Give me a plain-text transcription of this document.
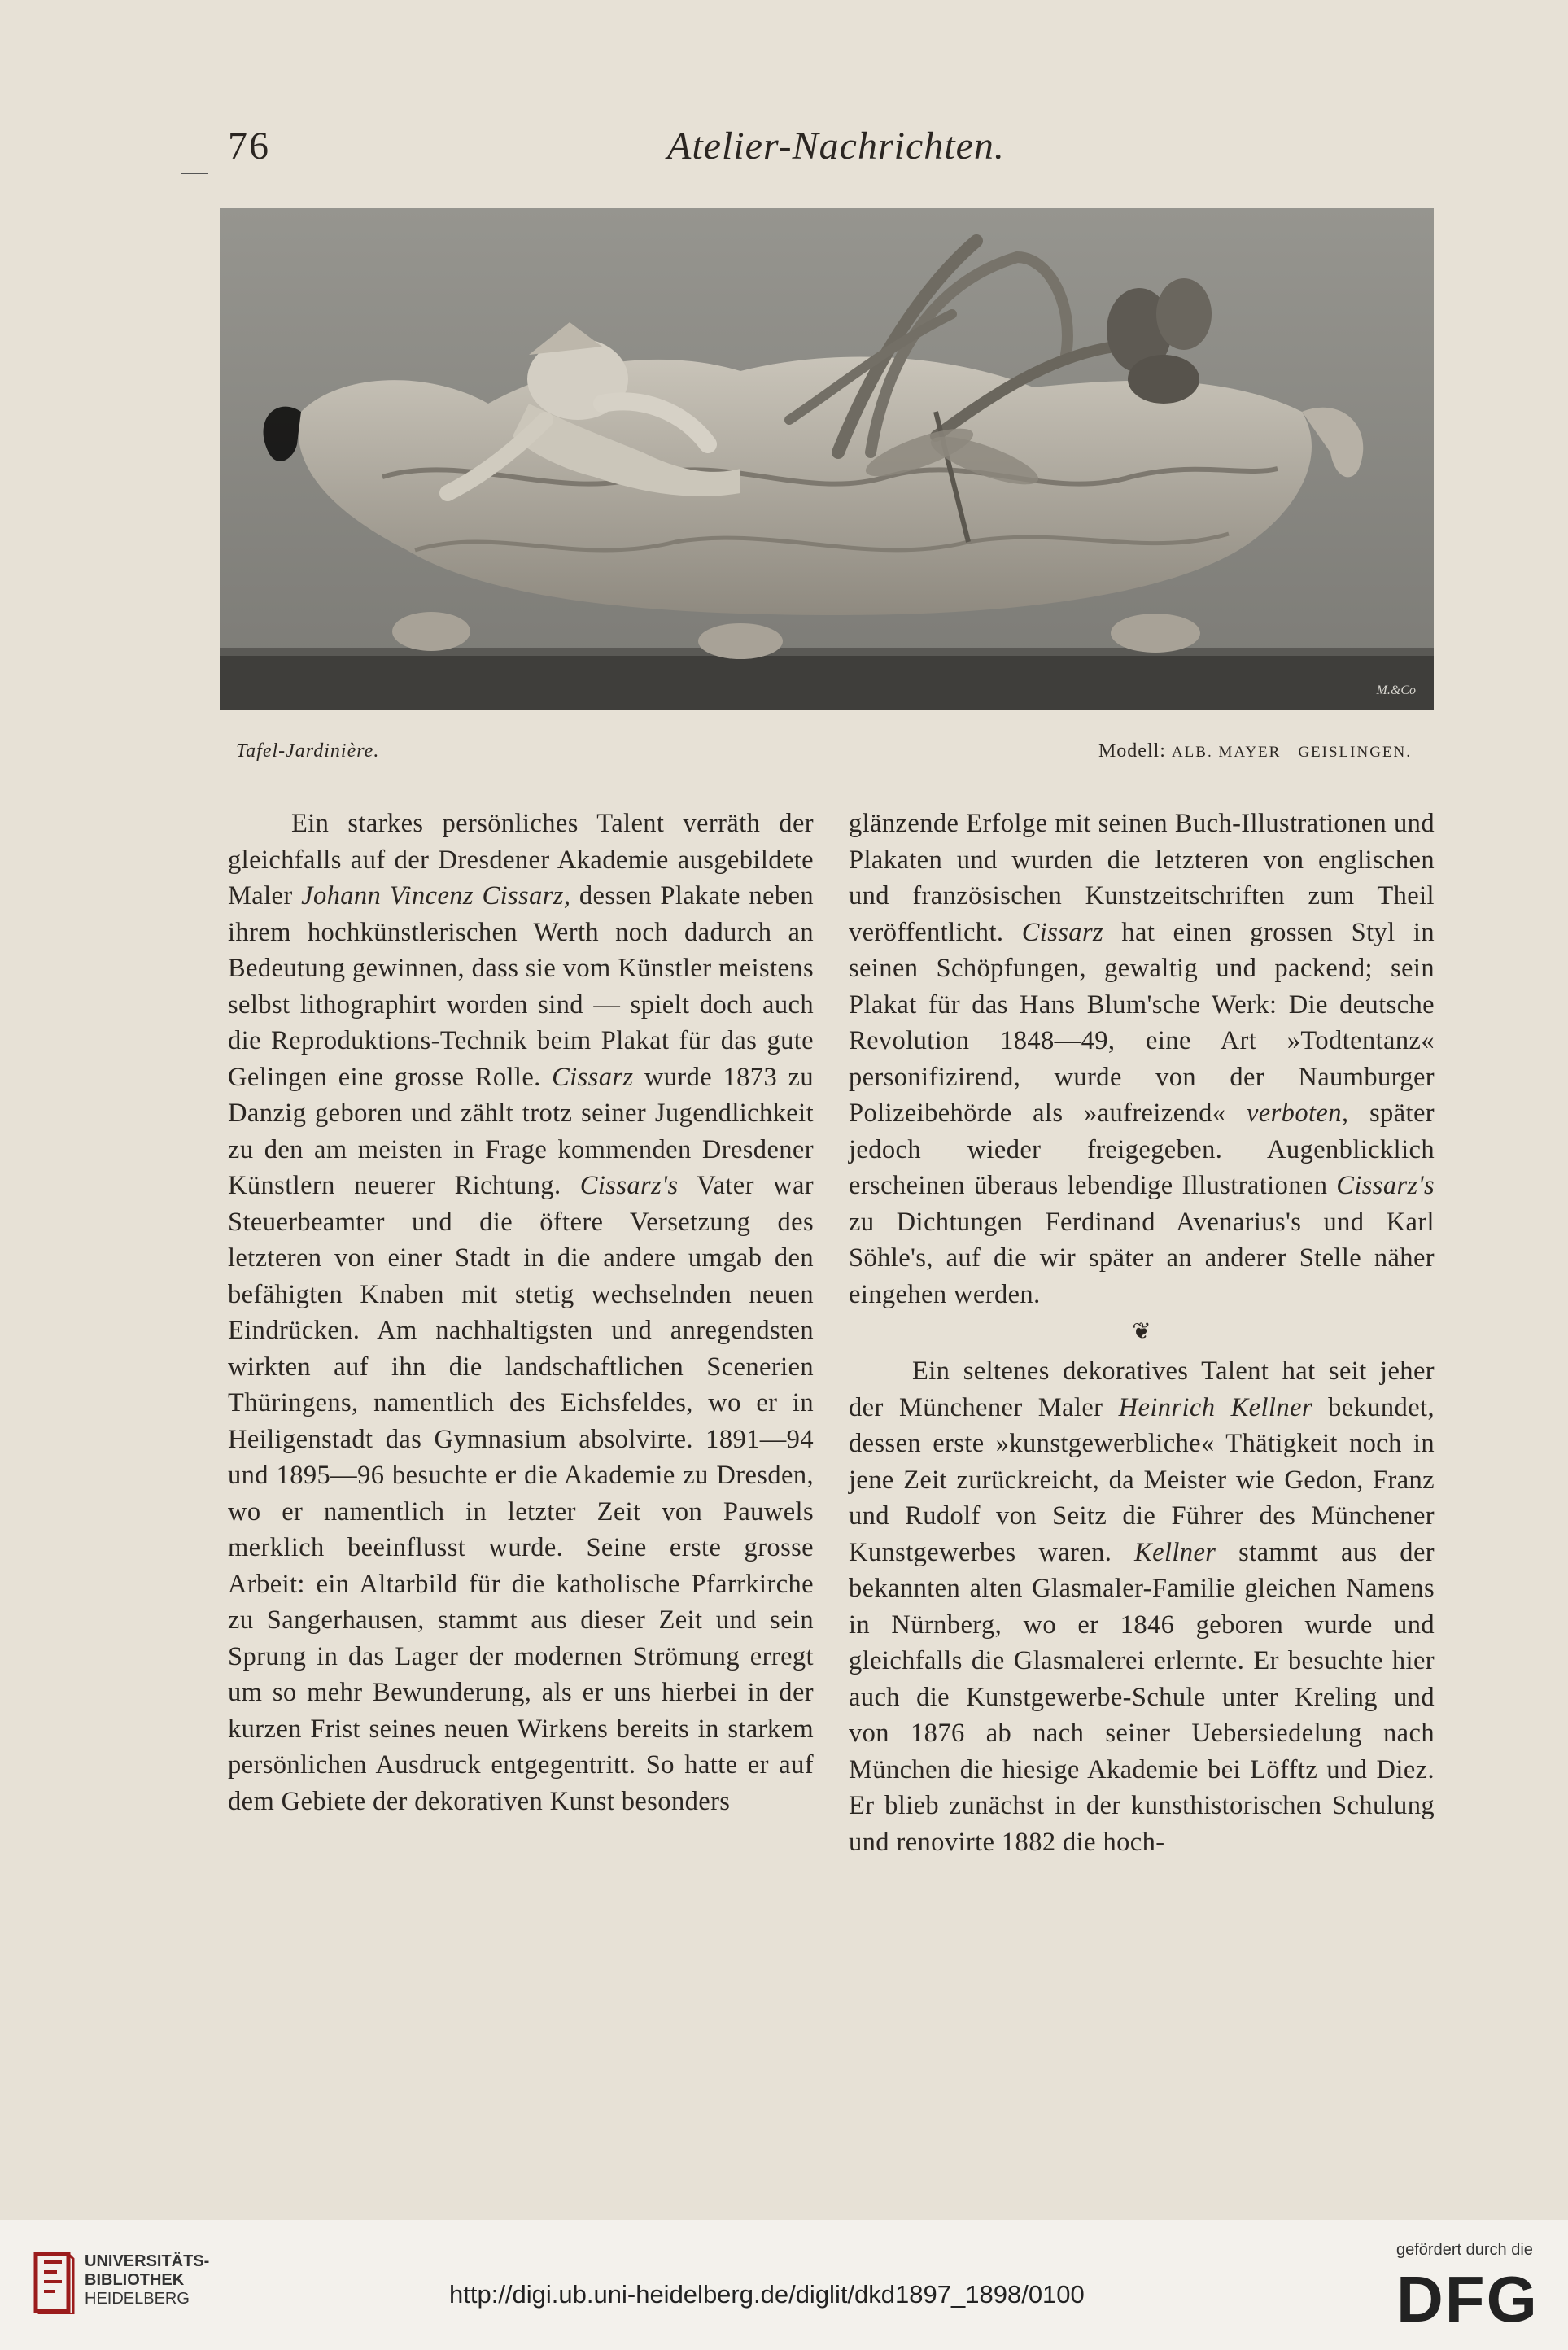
76	Atelier-Nachrichten.
M.&Co
Tafel-Jardinière.	Modell: ALB. MAYER—GEISLINGEN.

Ein starkes persönliches Talent verräth der gleichfalls auf der Dresdener Akademie ausgebildete Maler Johann Vincenz Cissarz, dessen Plakate neben ihrem hochkünstlerischen Werth noch dadurch an Bedeutung gewinnen, dass sie vom Künstler meistens selbst lithographirt worden sind — spielt doch auch die Reproduktions-Technik beim Plakat für das gute Gelingen eine grosse Rolle. Cissarz wurde 1873 zu Danzig geboren und zählt trotz seiner Jugendlichkeit zu den am meisten in Frage kommenden Dresdener Künstlern neuerer Richtung. Cissarz's Vater war Steuerbeamter und die öftere Versetzung des letzteren von einer Stadt in die andere umgab den befähigten Knaben mit stetig wechselnden neuen Eindrücken. Am nachhaltigsten und anregendsten wirkten auf ihn die landschaftlichen Scenerien Thüringens, namentlich des Eichsfeldes, wo er in Heiligenstadt das Gymnasium absolvirte. 1891—94 und 1895—96 besuchte er die Akademie zu Dresden, wo er namentlich in letzter Zeit von Pauwels merklich beeinflusst wurde. Seine erste grosse Arbeit: ein Altarbild für die katholische Pfarrkirche zu Sangerhausen, stammt aus dieser Zeit und sein Sprung in das Lager der modernen Strömung erregt um so mehr Bewunderung, als er uns hierbei in der kurzen Frist seines neuen Wirkens bereits in starkem persönlichen Ausdruck entgegentritt. So hatte er auf dem Gebiete der dekorativen Kunst besonders

glänzende Erfolge mit seinen Buch-Illustrationen und Plakaten und wurden die letzteren von englischen und französischen Kunstzeitschriften zum Theil veröffentlicht. Cissarz hat einen grossen Styl in seinen Schöpfungen, gewaltig und packend; sein Plakat für das Hans Blum'sche Werk: Die deutsche Revolution 1848—49, eine Art »Todtentanz« personifizirend, wurde von der Naumburger Polizeibehörde als »aufreizend« verboten, später jedoch wieder freigegeben. Augenblicklich erscheinen überaus lebendige Illustrationen Cissarz's zu Dichtungen Ferdinand Avenarius's und Karl Söhle's, auf die wir später an anderer Stelle näher eingehen werden.

❦

Ein seltenes dekoratives Talent hat seit jeher der Münchener Maler Heinrich Kellner bekundet, dessen erste »kunstgewerbliche« Thätigkeit noch in jene Zeit zurückreicht, da Meister wie Gedon, Franz und Rudolf von Seitz die Führer des Münchener Kunstgewerbes waren. Kellner stammt aus der bekannten alten Glasmaler-Familie gleichen Namens in Nürnberg, wo er 1846 geboren wurde und gleichfalls die Glasmalerei erlernte. Er besuchte hier auch die Kunstgewerbe-Schule unter Kreling und von 1876 ab nach seiner Uebersiedelung nach München die hiesige Akademie bei Löfftz und Diez. Er blieb zunächst in der kunsthistorischen Schulung und renovirte 1882 die hoch-

UNIVERSITÄTS-
BIBLIOTHEK
HEIDELBERG	http://digi.ub.uni-heidelberg.de/diglit/dkd1897_1898/0100
gefördert durch die
DFG
